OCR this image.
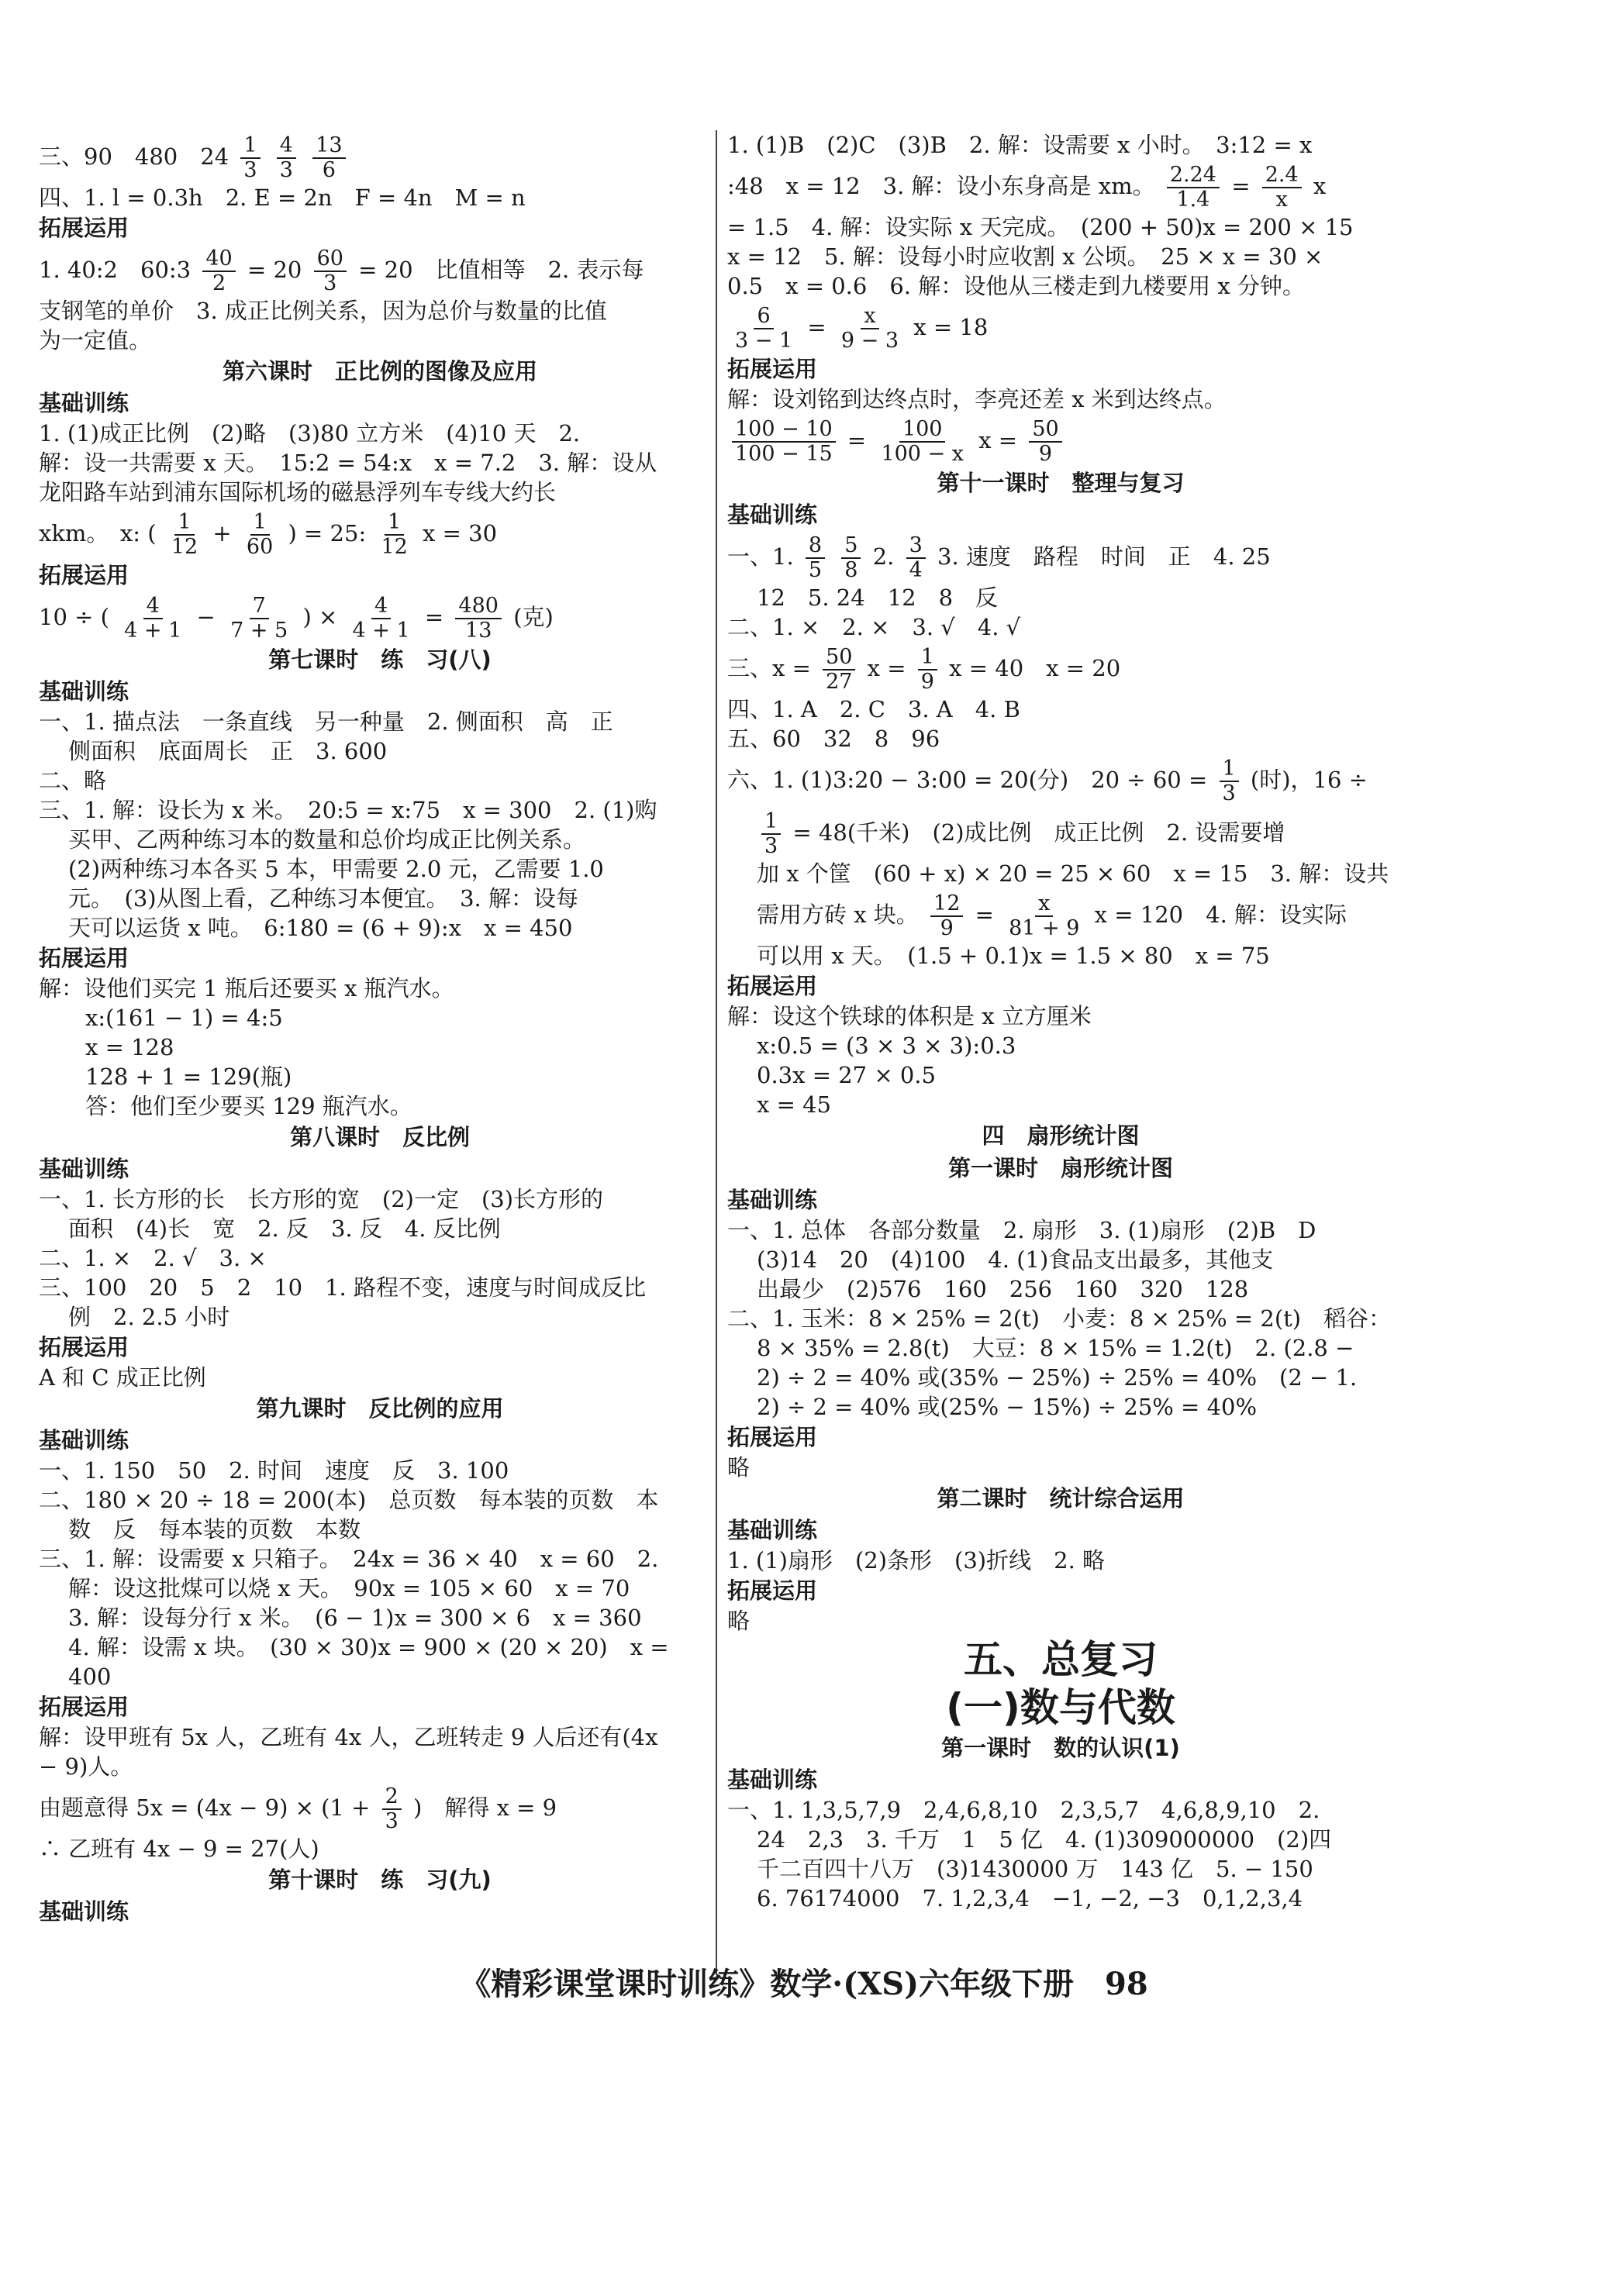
三、90　480　$24 \frac{1}{3}$
$\frac{4}{3}$
$\frac{13}{6}$
四、1. l = 0.3h　2. E = 2n　F = 4n　M = n
拓展运用
1. 40:2　60:3 $\frac{40}{2} = 20 \frac{60}{3} = 20$　比值相等　2. 表示每
支钢笔的单价　3. 成正比例关系，因为总价与数量的比值
为一定值。
第六课时　正比例的图像及应用
基础训练
1. (1)成正比例　(2)略　(3)80 立方米　(4)10 天　2.
解：设一共需要 x 天。　15:2 = 54:x　x = 7.2　3. 解：设从
龙阳路车站到浦东国际机场的磁悬浮列车专线大约长
xkm。　x: ( $\frac{1}{12} + \frac{1}{60}$ ) = 25: $\frac{1}{12}$ x = 30
拓展运用
10 ÷ ( $\frac{4}{4 + 1} - \frac{7}{7 + 5}$ ) × $\frac{4}{4 + 1} = \frac{480}{13}$ (克)
第七课时　练　习(八)
基础训练
一、1. 描点法　一条直线　另一种量　2. 侧面积　高　正
侧面积　底面周长　正　3. 600
二、略
三、1. 解：设长为 x 米。　20:5 = x:75　x = 300　2. (1)购
买甲、乙两种练习本的数量和总价均成正比例关系。
(2)两种练习本各买 5 本，甲需要 2.0 元，乙需要 1.0
元。　(3)从图上看，乙种练习本便宜。　3. 解：设每
天可以运货 x 吨。　6:180 = (6 + 9):x　x = 450
拓展运用
解：设他们买完 1 瓶后还要买 x 瓶汽水。
x:(161 − 1) = 4:5
x = 128
128 + 1 = 129(瓶)
答：他们至少要买 129 瓶汽水。
第八课时　反比例
基础训练
一、1. 长方形的长　长方形的宽　(2)一定　(3)长方形的
面积　(4)长　宽　2. 反　3. 反　4. 反比例
二、1. ×　2. √　3. ×
三、100　20　5　2　10　1. 路程不变，速度与时间成反比
例　2. 2.5 小时
拓展运用
A 和 C 成正比例
第九课时　反比例的应用
基础训练
一、1. 150　50　2. 时间　速度　反　3. 100
二、180 × 20 ÷ 18 = 200(本)　总页数　每本装的页数　本
数　反　每本装的页数　本数
三、1. 解：设需要 x 只箱子。　24x = 36 × 40　x = 60　2.
解：设这批煤可以烧 x 天。　90x = 105 × 60　x = 70
3. 解：设每分行 x 米。　(6 − 1)x = 300 × 6　x = 360
4. 解：设需 x 块。　(30 × 30)x = 900 × (20 × 20)　x =
400
拓展运用
解：设甲班有 5x 人，乙班有 4x 人，乙班转走 9 人后还有(4x
− 9)人。
由题意得 $5x = (4x - 9) \times (1 + \frac{2}{3}$ )　解得 x = 9
∴ 乙班有 4x − 9 = 27(人)
第十课时　练　习(九)
基础训练
1. (1)B　(2)C　(3)B　2. 解：设需要 x 小时。　3:12 = x
:48　x = 12　3. 解：设小东身高是 xm。 $\frac{2.24}{1.4} = \frac{2.4}{x}$ x
= 1.5　4. 解：设实际 x 天完成。　(200 + 50)x = 200 × 15
x = 12　5. 解：设每小时应收割 x 公顷。　25 × x = 30 ×
0.5　x = 0.6　6. 解：设他从三楼走到九楼要用 x 分钟。
$\frac{6}{3 - 1} = \frac{x}{9 - 3}$ x = 18
拓展运用
解：设刘铭到达终点时，李亮还差 x 米到达终点。
$\frac{100 - 10}{100 - 15} = \frac{100}{100 - x}$ $x = \frac{50}{9}$
第十一课时　整理与复习
基础训练
一、1. $\frac{8}{5}$
$\frac{5}{8} 2$. $\frac{3}{4} 3$. 速度　路程　时间　正　4. 25
12　5. 24　12　8　反
二、1. ×　2. ×　3. √　4. √
三、$x = \frac{50}{27}$ $x = \frac{1}{9}$ x = 40　x = 20
四、1. A　2. C　3. A　4. B
五、60　32　8　96
六、1. (1)3:20 − 3:00 = 20(分)　$20 \div 60 = \frac{1}{3}$ (时)，16 ÷
$\frac{1}{3} = 48$(千米)　(2)成比例　成正比例　2. 设需要增
加 x 个筐　(60 + x) × 20 = 25 × 60　x = 15　3. 解：设共
需用方砖 x 块。 $\frac{12}{9} = \frac{x}{81 + 9}$ x = 120　4. 解：设实际
可以用 x 天。　(1.5 + 0.1)x = 1.5 × 80　x = 75
拓展运用
解：设这个铁球的体积是 x 立方厘米
x:0.5 = (3 × 3 × 3):0.3
0.3x = 27 × 0.5
x = 45
四　扇形统计图
第一课时　扇形统计图
基础训练
一、1. 总体　各部分数量　2. 扇形　3. (1)扇形　(2)B　D
(3)14　20　(4)100　4. (1)食品支出最多，其他支
出最少　(2)576　160　256　160　320　128
二、1. 玉米：8 × 25% = 2(t)　小麦：8 × 25% = 2(t)　稻谷：
8 × 35% = 2.8(t)　大豆：8 × 15% = 1.2(t)　2. (2.8 −
2) ÷ 2 = 40% 或(35% − 25%) ÷ 25% = 40%　(2 − 1.
2) ÷ 2 = 40% 或(25% − 15%) ÷ 25% = 40%
拓展运用
略
第二课时　统计综合运用
基础训练
1. (1)扇形　(2)条形　(3)折线　2. 略
拓展运用
略
五、总复习
(一)数与代数
第一课时　数的认识(1)
基础训练
一、1. 1,3,5,7,9　2,4,6,8,10　2,3,5,7　4,6,8,9,10　2.
24　2,3　3. 千万　1　5 亿　4. (1)309000000　(2)四
千二百四十八万　(3)1430000 万　143 亿　5. − 150
6. 76174000　7. 1,2,3,4　−1, −2, −3　0,1,2,3,4
《精彩课堂课时训练》数学·(XS)六年级下册　98
